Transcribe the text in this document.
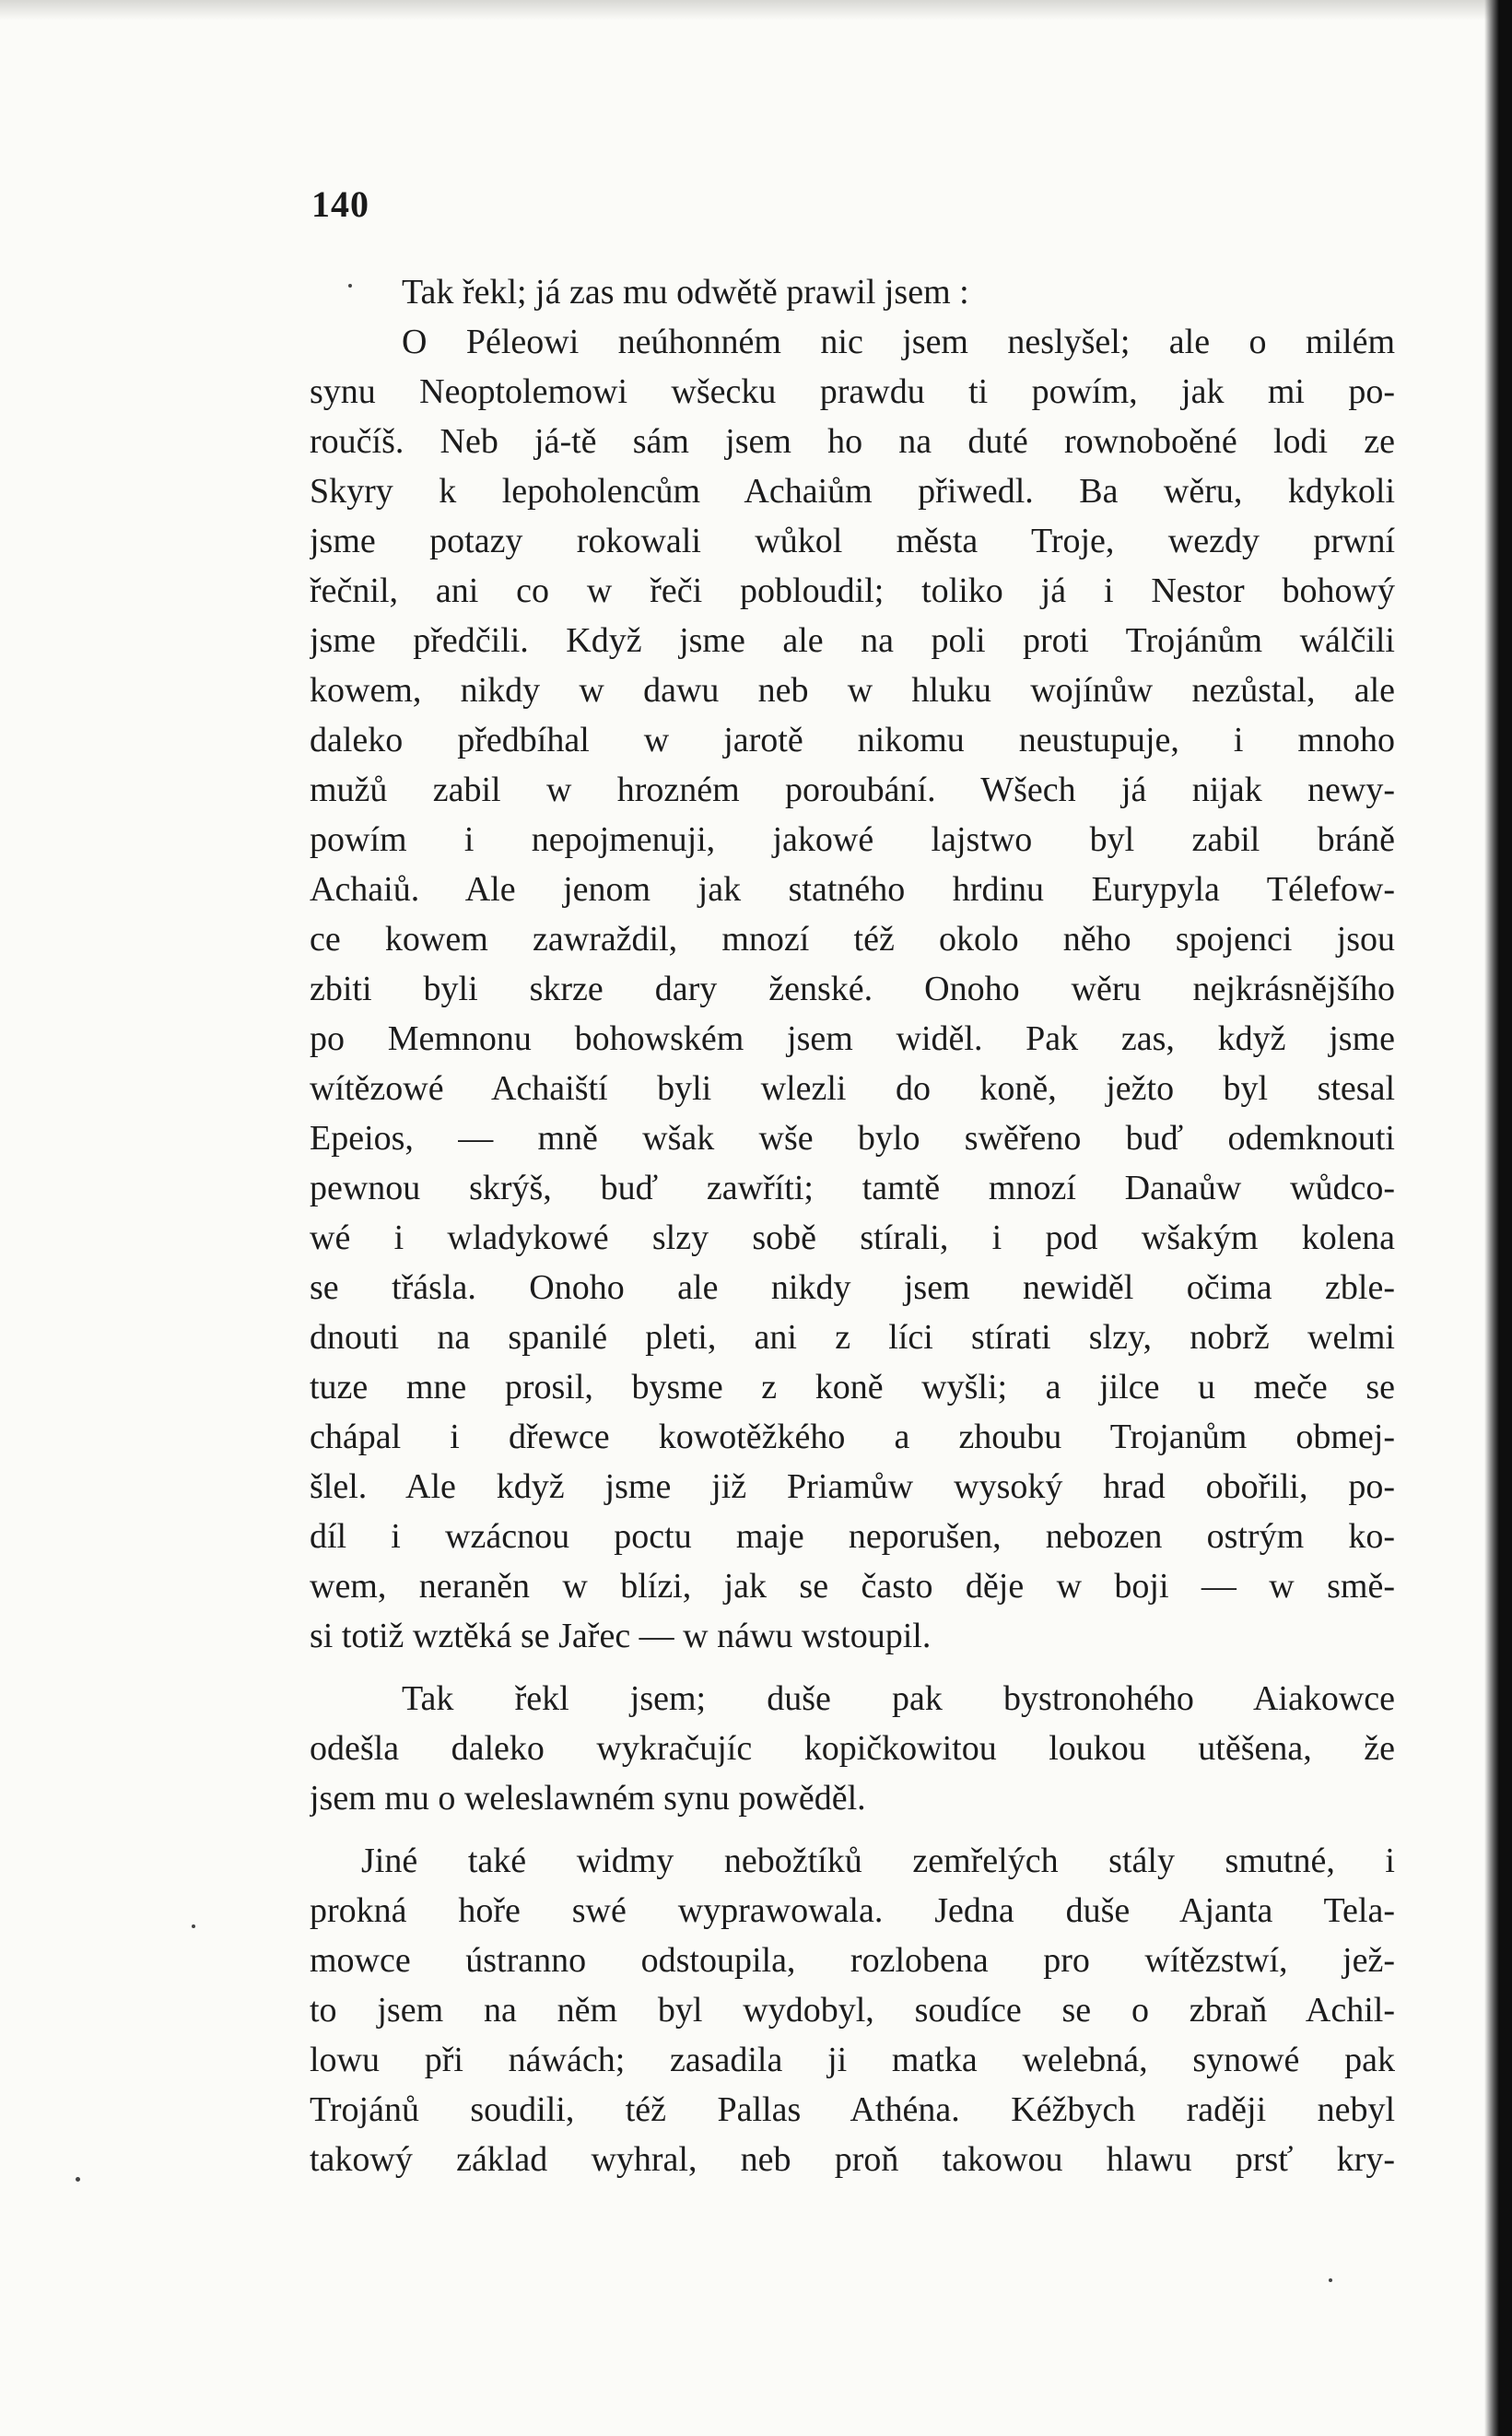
140
Tak řekl; já zas mu odwětě prawil jsem :
O Péleowi neúhonném nic jsem neslyšel; ale o milém
synu Neoptolemowi wšecku prawdu ti powím, jak mi po-
roučíš. Neb já-tě sám jsem ho na duté rownoboěné lodi ze
Skyry k lepoholencům Achaiům přiwedl. Ba wěru, kdykoli
jsme potazy rokowali wůkol města Troje, wezdy prwní
řečnil, ani co w řeči pobloudil; toliko já i Nestor bohowý
jsme předčili. Když jsme ale na poli proti Trojánům wálčili
kowem, nikdy w dawu neb w hluku wojínůw nezůstal, ale
daleko předbíhal w jarotě nikomu neustupuje, i mnoho
mužů zabil w hrozném poroubání. Wšech já nijak newy-
powím i nepojmenuji, jakowé lajstwo byl zabil bráně
Achaiů. Ale jenom jak statného hrdinu Eurypyla Télefow-
ce kowem zawraždil, mnozí též okolo něho spojenci jsou
zbiti byli skrze dary ženské. Onoho wěru nejkrásnějšího
po Memnonu bohowském jsem widěl. Pak zas, když jsme
wítězowé Achaiští byli wlezli do koně, ježto byl stesal
Epeios, — mně wšak wše bylo swěřeno buď odemknouti
pewnou skrýš, buď zawříti; tamtě mnozí Danaůw wůdco-
wé i wladykowé slzy sobě stírali, i pod wšakým kolena
se třásla. Onoho ale nikdy jsem newiděl očima zble-
dnouti na spanilé pleti, ani z líci stírati slzy, nobrž welmi
tuze mne prosil, bysme z koně wyšli; a jilce u meče se
chápal i dřewce kowotěžkého a zhoubu Trojanům obmej-
šlel. Ale když jsme již Priamůw wysoký hrad obořili, po-
díl i wzácnou poctu maje neporušen, nebozen ostrým ko-
wem, neraněn w blízi, jak se často děje w boji — w smě-
si totiž wztěká se Jařec — w náwu wstoupil.
Tak řekl jsem; duše pak bystronohého Aiakowce
odešla daleko wykračujíc kopičkowitou loukou utěšena, že
jsem mu o weleslawném synu powěděl.
Jiné také widmy nebožtíků zemřelých stály smutné, i
prokná hoře swé wyprawowala. Jedna duše Ajanta Tela-
mowce ústranno odstoupila, rozlobena pro wítězstwí, jež-
to jsem na něm byl wydobyl, soudíce se o zbraň Achil-
lowu při náwách; zasadila ji matka welebná, synowé pak
Trojánů soudili, též Pallas Athéna. Kéžbych raději nebyl
takowý základ wyhral, neb proň takowou hlawu prsť kry-
